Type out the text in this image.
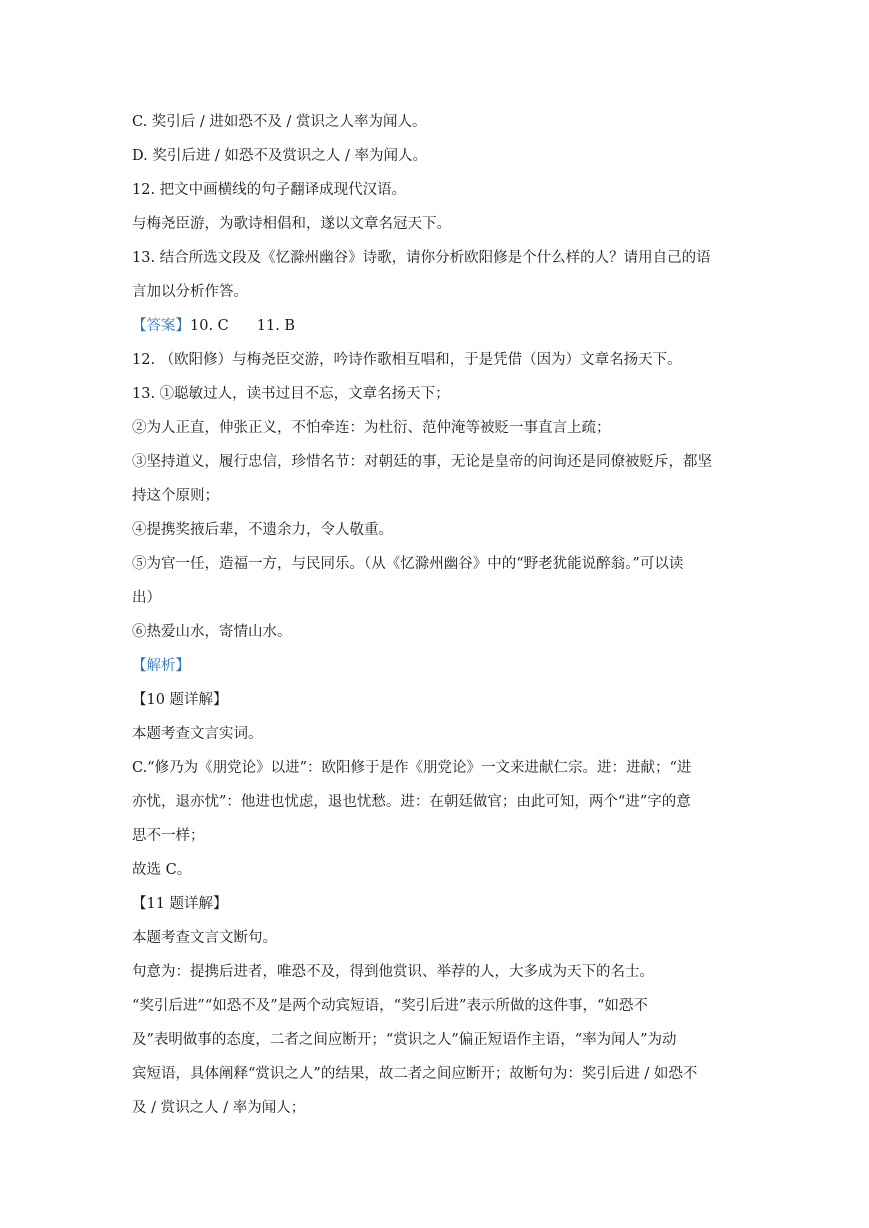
C. 奖引后 / 进如恐不及 / 赏识之人率为闻人。
D. 奖引后进 / 如恐不及赏识之人 / 率为闻人。
12. 把文中画横线的句子翻译成现代汉语。
与梅尧臣游，为歌诗相倡和，遂以文章名冠天下。
13. 结合所选文段及《忆滁州幽谷》诗歌，请你分析欧阳修是个什么样的人？请用自己的语
言加以分析作答。
【答案】10. C 11. B
12. （欧阳修）与梅尧臣交游，吟诗作歌相互唱和，于是凭借（因为）文章名扬天下。
13. ①聪敏过人，读书过目不忘，文章名扬天下；
②为人正直，伸张正义，不怕牵连：为杜衍、范仲淹等被贬一事直言上疏；
③坚持道义，履行忠信，珍惜名节：对朝廷的事，无论是皇帝的问询还是同僚被贬斥，都坚
持这个原则；
④提携奖掖后辈，不遗余力，令人敬重。
⑤为官一任，造福一方，与民同乐。（从《忆滁州幽谷》中的“野老犹能说醉翁。”可以读
出）
⑥热爱山水，寄情山水。
【解析】
【10 题详解】
本题考查文言实词。
C.“修乃为《朋党论》以进”：欧阳修于是作《朋党论》一文来进献仁宗。进：进献；“进
亦忧，退亦忧”：他进也忧虑，退也忧愁。进：在朝廷做官；由此可知，两个“进”字的意
思不一样；
故选 C。
【11 题详解】
本题考查文言文断句。
句意为：提携后进者，唯恐不及，得到他赏识、举荐的人，大多成为天下的名士。
“奖引后进”“如恐不及”是两个动宾短语，“奖引后进”表示所做的这件事，“如恐不
及”表明做事的态度，二者之间应断开；“赏识之人”偏正短语作主语，“率为闻人”为动
宾短语，具体阐释“赏识之人”的结果，故二者之间应断开；故断句为：奖引后进 / 如恐不
及 / 赏识之人 / 率为闻人；
